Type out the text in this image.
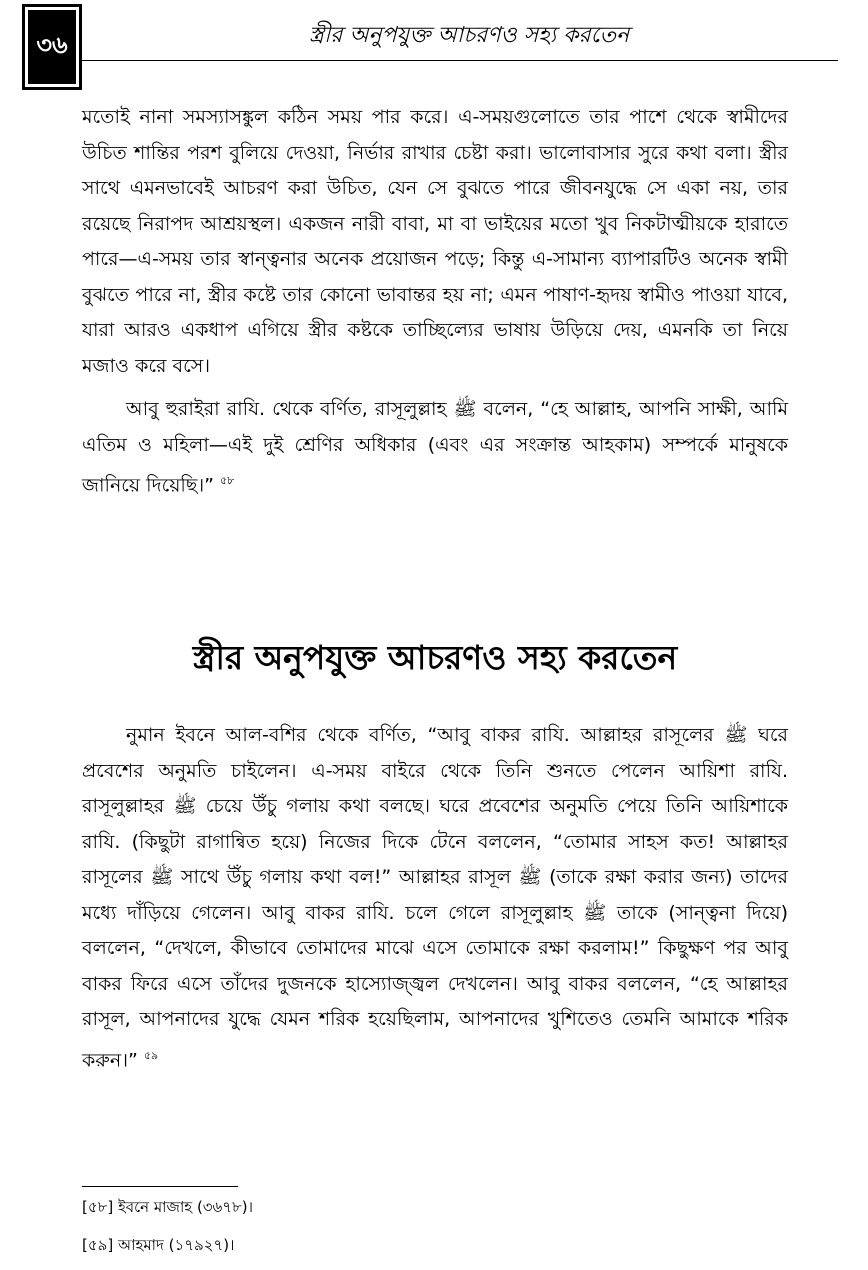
৩৬	স্ত্রীর অনুপযুক্ত আচরণও সহ্য করতেন

মতোই নানা সমস্যাসঙ্কুল কঠিন সময় পার করে। এ-সময়গুলোতে তার পাশে থেকে স্বামীদের উচিত শান্তির পরশ বুলিয়ে দেওয়া, নির্ভার রাখার চেষ্টা করা। ভালোবাসার সুরে কথা বলা। স্ত্রীর সাথে এমনভাবেই আচরণ করা উচিত, যেন সে বুঝতে পারে জীবনযুদ্ধে সে একা নয়, তার রয়েছে নিরাপদ আশ্রয়স্থল। একজন নারী বাবা, মা বা ভাইয়ের মতো খুব নিকটাত্মীয়কে হারাতে পারে—এ-সময় তার স্বান্ত্বনার অনেক প্রয়োজন পড়ে; কিন্তু এ-সামান্য ব্যাপারটিও অনেক স্বামী বুঝতে পারে না, স্ত্রীর কষ্টে তার কোনো ভাবান্তর হয় না; এমন পাষাণ-হৃদয় স্বামীও পাওয়া যাবে, যারা আরও একধাপ এগিয়ে স্ত্রীর কষ্টকে তাচ্ছিল্যের ভাষায় উড়িয়ে দেয়, এমনকি তা নিয়ে মজাও করে বসে।

আবু হুরাইরা রাযি. থেকে বর্ণিত, রাসূলুল্লাহ ﷺ বলেন, “হে আল্লাহ, আপনি সাক্ষী, আমি এতিম ও মহিলা—এই দুই শ্রেণির অধিকার (এবং এর সংক্রান্ত আহকাম) সম্পর্কে মানুষকে জানিয়ে দিয়েছি।” $^{৫৮}$

স্ত্রীর অনুপযুক্ত আচরণও সহ্য করতেন

নুমান ইবনে আল-বশির থেকে বর্ণিত, “আবু বাকর রাযি. আল্লাহর রাসূলের ﷺ ঘরে প্রবেশের অনুমতি চাইলেন। এ-সময় বাইরে থেকে তিনি শুনতে পেলেন আয়িশা রাযি. রাসূলুল্লাহর ﷺ চেয়ে উঁচু গলায় কথা বলছে। ঘরে প্রবেশের অনুমতি পেয়ে তিনি আয়িশাকে রাযি. (কিছুটা রাগান্বিত হয়ে) নিজের দিকে টেনে বললেন, “তোমার সাহস কত! আল্লাহর রাসূলের ﷺ সাথে উঁচু গলায় কথা বল!” আল্লাহর রাসূল ﷺ (তাকে রক্ষা করার জন্য) তাদের মধ্যে দাঁড়িয়ে গেলেন। আবু বাকর রাযি. চলে গেলে রাসূলুল্লাহ ﷺ তাকে (সান্ত্বনা দিয়ে) বললেন, “দেখলে, কীভাবে তোমাদের মাঝে এসে তোমাকে রক্ষা করলাম!” কিছুক্ষণ পর আবু বাকর ফিরে এসে তাঁদের দুজনকে হাস্যোজ্জ্বল দেখলেন। আবু বাকর বললেন, “হে আল্লাহর রাসূল, আপনাদের যুদ্ধে যেমন শরিক হয়েছিলাম, আপনাদের খুশিতেও তেমনি আমাকে শরিক করুন।” $^{৫৯}$

[৫৮] ইবনে মাজাহ (৩৬৭৮)।
[৫৯] আহমাদ (১৭৯২৭)।
